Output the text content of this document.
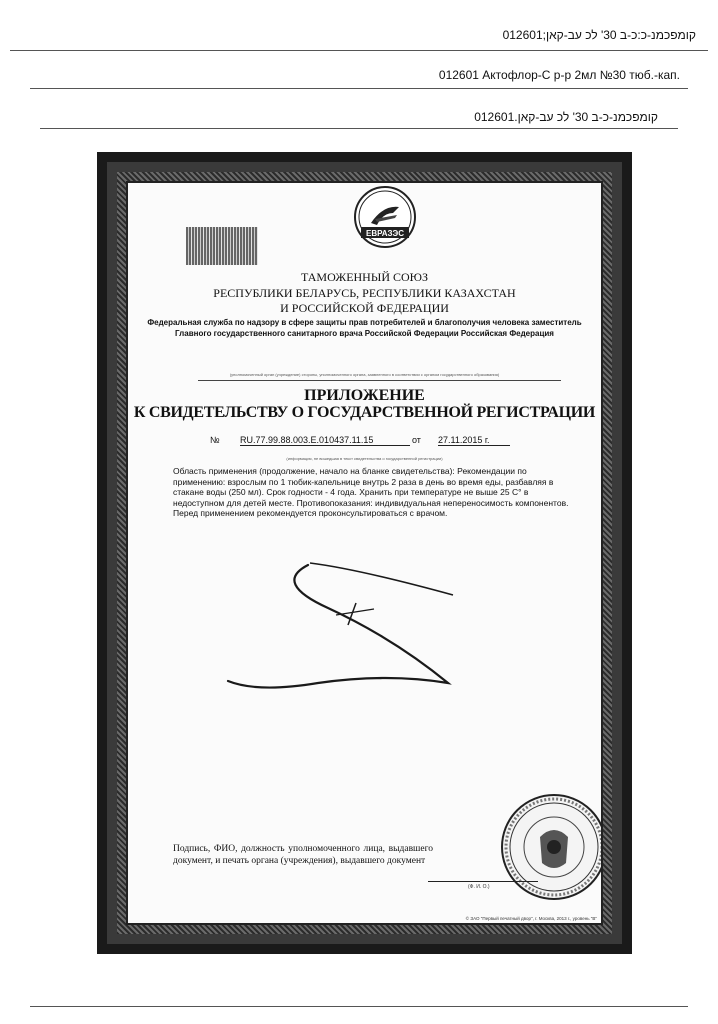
012601;קומפכמנ-כ:כ-ב 30' לכ עב-קאן
012601 Актофлор-С р-р 2мл №30 тюб.-кап.
012601.קומפכמנ-כ-ב 30' לכ עב-קאן
ЕВРАЗЭС
ТАМОЖЕННЫЙ СОЮЗ
РЕСПУБЛИКИ БЕЛАРУСЬ, РЕСПУБЛИКИ КАЗАХСТАН
И РОССИЙСКОЙ ФЕДЕРАЦИИ
Федеральная служба по надзору в сфере защиты прав потребителей и благополучия человека заместитель Главного государственного санитарного врача Российской Федерации Российская Федерация
(уполномоченный орган (учреждение) стороны, уполномоченного органа, заявленного в соответствии с органом государственного образования)
ПРИЛОЖЕНИЕ
К СВИДЕТЕЛЬСТВУ О ГОСУДАРСТВЕННОЙ РЕГИСТРАЦИИ
№ RU.77.99.88.003.E.010437.11.15	от 27.11.2015 г.
(информация, не вошедшая в текст свидетельства о государственной регистрации)
Область применения (продолжение, начало на бланке свидетельства): Рекомендации по применению: взрослым по 1 тюбик-капельнице внутрь 2 раза в день во время еды, разбавляя в стакане воды (250 мл). Срок годности - 4 года. Хранить при температуре не выше 25 С° в недоступном для детей месте. Противопоказания: индивидуальная непереносимость компонентов. Перед применением рекомендуется проконсультироваться с врачом.
Подпись, ФИО, должность уполномоченного лица, выдавшего документ, и печать органа (учреждения), выдавшего документ
(Ф. И. О.)
© ЗАО "Первый печатный двор", г. Москва, 2013 г., уровень "В"
